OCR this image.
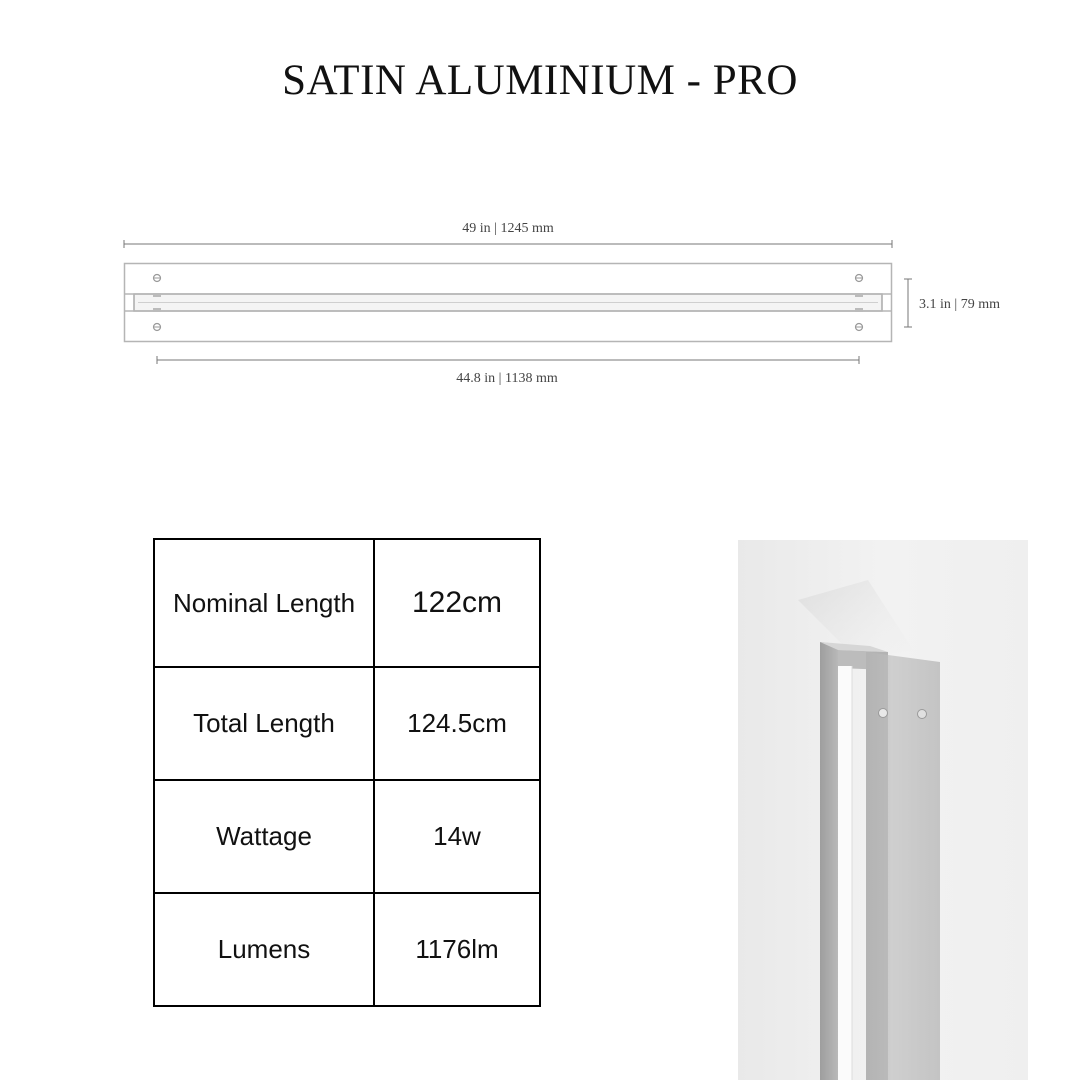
SATIN ALUMINIUM - PRO
49 in | 1245 mm
3.1 in | 79 mm
44.8 in | 1138 mm
Nominal Length	122cm
Total Length	124.5cm
Wattage	14w
Lumens	1176lm
